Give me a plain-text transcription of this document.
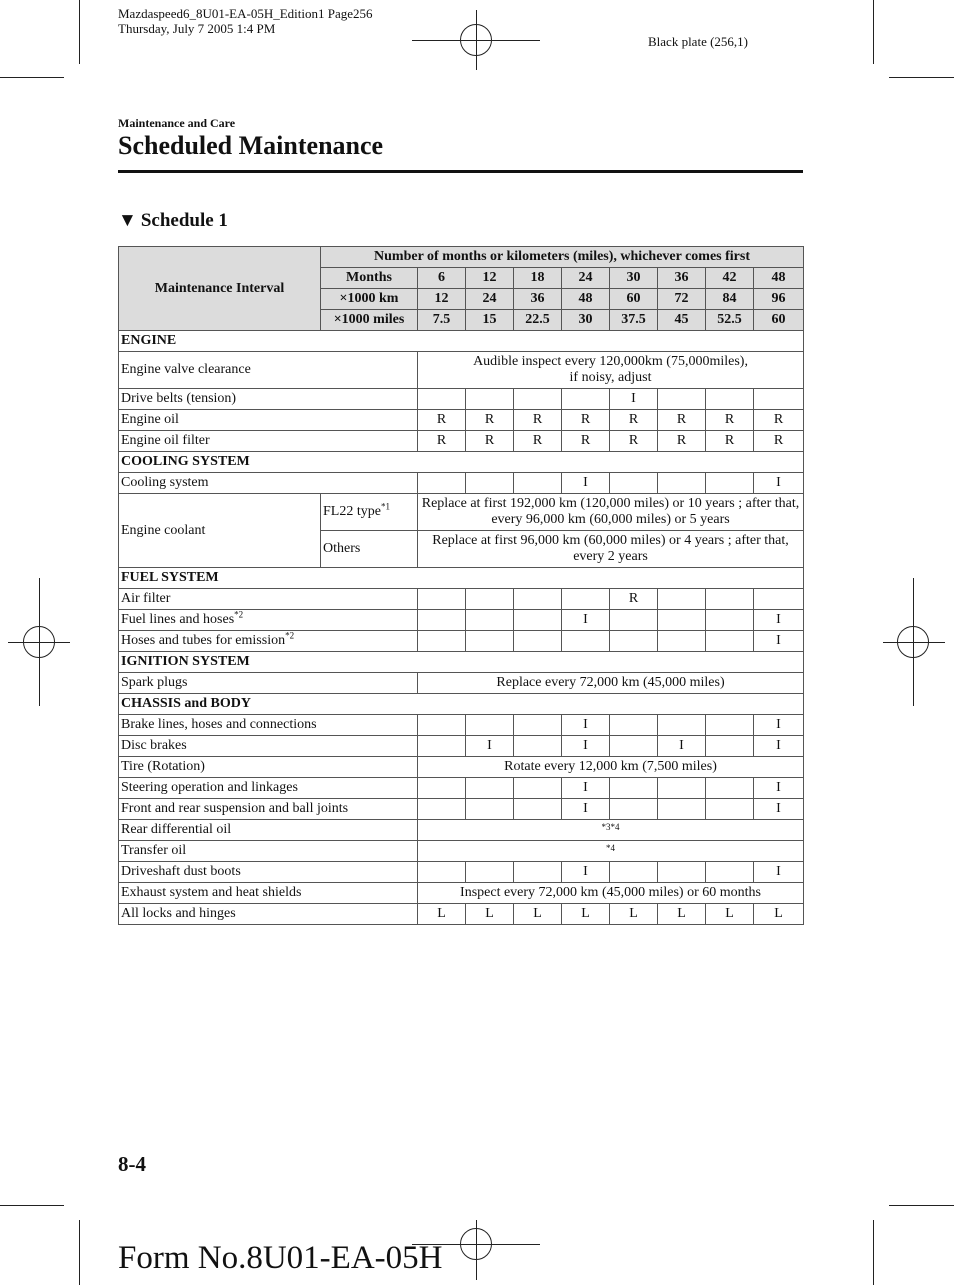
Mazdaspeed6_8U01-EA-05H_Edition1 Page256
Thursday, July 7 2005 1:4 PM
Black plate (256,1)
Maintenance and Care
Scheduled Maintenance
▼ Schedule 1
Maintenance Interval	Number of months or kilometers (miles), whichever comes first								
	Months	6	12	18	24	30	36	42	48
	×1000 km	12	24	36	48	60	72	84	96
	×1000 miles	7.5	15	22.5	30	37.5	45	52.5	60
ENGINE									
Engine valve clearance		Audible inspect every 120,000km (75,000miles),
if noisy, adjust							
Drive belts (tension)						I			
Engine oil		R	R	R	R	R	R	R	R
Engine oil filter		R	R	R	R	R	R	R	R
COOLING SYSTEM									
Cooling system					I				I
Engine coolant	FL22 type$^{*1}$	Replace at first 192,000 km (120,000 miles) or 10 years ; after that, every 96,000 km (60,000 miles) or 5 years							
	Others	Replace at first 96,000 km (60,000 miles) or 4 years ; after that, every 2 years							
FUEL SYSTEM									
Air filter						R			
Fuel lines and hoses$^{*2}$					I				I
Hoses and tubes for emission$^{*2}$									I
IGNITION SYSTEM									
Spark plugs		Replace every 72,000 km (45,000 miles)							
CHASSIS and BODY									
Brake lines, hoses and connections					I				I
Disc brakes			I		I		I		I
Tire (Rotation)		Rotate every 12,000 km (7,500 miles)							
Steering operation and linkages					I				I
Front and rear suspension and ball joints					I				I
Rear differential oil		*3*4							
Transfer oil		*4							
Driveshaft dust boots					I				I
Exhaust system and heat shields		Inspect every 72,000 km (45,000 miles) or 60 months							
All locks and hinges		L	L	L	L	L	L	L	L
8-4
Form No.8U01-EA-05H
